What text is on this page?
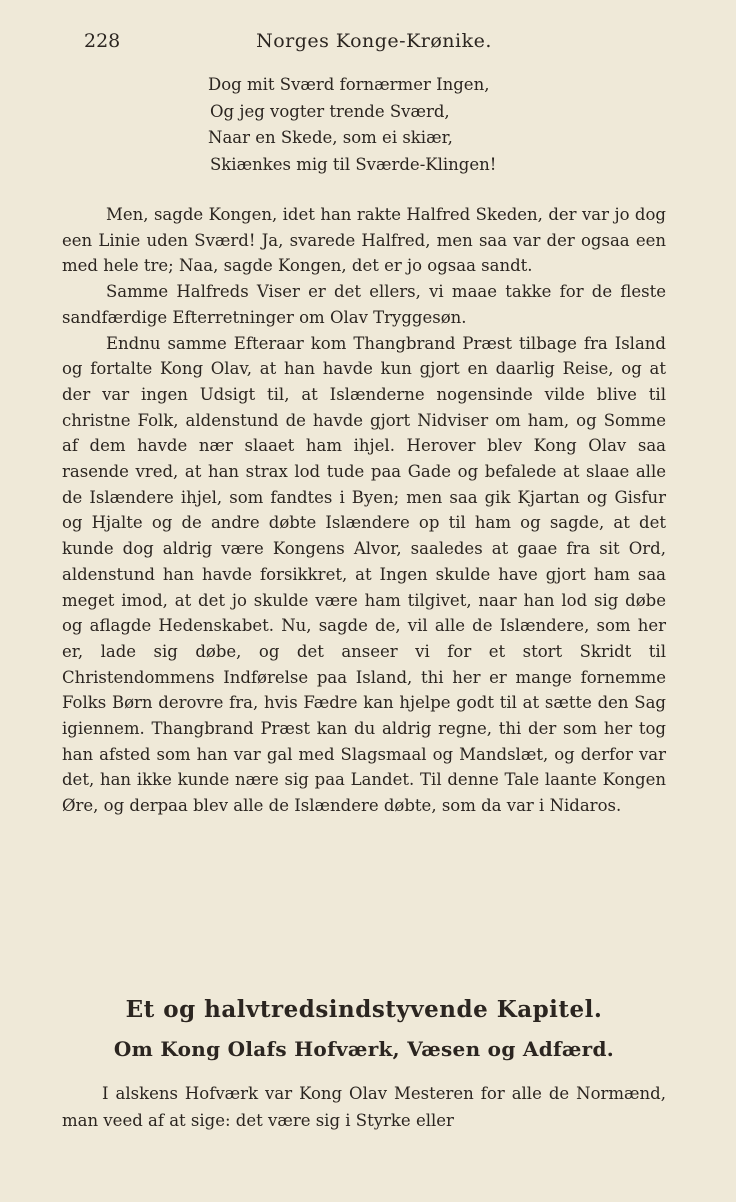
228	Norges Konge-Krønike.
Dog mit Sværd fornærmer Ingen,
Og jeg vogter trende Sværd,
Naar en Skede, som ei skiær,
Skiænkes mig til Sværde-Klingen!

Men, sagde Kongen, idet han rakte Halfred Skeden, der var jo dog een Linie uden Sværd! Ja, svarede Halfred, men saa var der ogsaa een med hele tre; Naa, sagde Kongen, det er jo ogsaa sandt.

Samme Halfreds Viser er det ellers, vi maae takke for de fleste sandfærdige Efterretninger om Olav Tryggesøn.

Endnu samme Efteraar kom Thangbrand Præst tilbage fra Island og fortalte Kong Olav, at han havde kun gjort en daarlig Reise, og at der var ingen Udsigt til, at Islænderne nogensinde vilde blive til christne Folk, aldenstund de havde gjort Nidviser om ham, og Somme af dem havde nær slaaet ham ihjel. Herover blev Kong Olav saa rasende vred, at han strax lod tude paa Gade og befalede at slaae alle de Islændere ihjel, som fandtes i Byen; men saa gik Kjartan og Gisfur og Hjalte og de andre døbte Islændere op til ham og sagde, at det kunde dog aldrig være Kongens Alvor, saaledes at gaae fra sit Ord, aldenstund han havde forsikkret, at Ingen skulde have gjort ham saa meget imod, at det jo skulde være ham tilgivet, naar han lod sig døbe og aflagde Hedenskabet. Nu, sagde de, vil alle de Islændere, som her er, lade sig døbe, og det anseer vi for et stort Skridt til Christendommens Indførelse paa Island, thi her er mange fornemme Folks Børn derovre fra, hvis Fædre kan hjelpe godt til at sætte den Sag igiennem. Thangbrand Præst kan du aldrig regne, thi der som her tog han afsted som han var gal med Slagsmaal og Mandslæt, og derfor var det, han ikke kunde nære sig paa Landet. Til denne Tale laante Kongen Øre, og derpaa blev alle de Islændere døbte, som da var i Nidaros.

Et og halvtredsindstyvende Kapitel.
Om Kong Olafs Hofværk, Væsen og Adfærd.

I alskens Hofværk var Kong Olav Mesteren for alle de Normænd, man veed af at sige: det være sig i Styrke eller
